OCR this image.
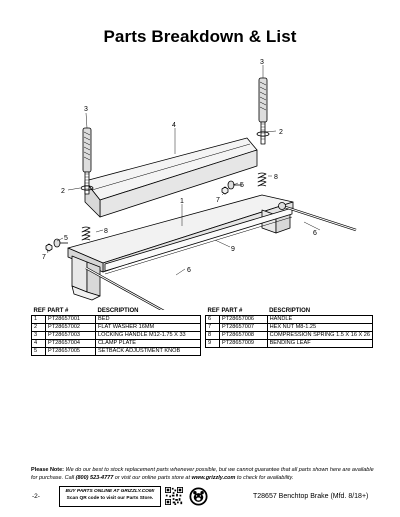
Parts Breakdown & List
3
3
4
2
2
8
8
5
5
7
7
1
9
6
6
REF	PART #	DESCRIPTION
1	PT28657001	BED
2	PT28657002	FLAT WASHER 16MM
3	PT28657003	LOCKING HANDLE M12-1.75 X 33
4	PT28657004	CLAMP PLATE
5	PT28657005	SETBACK ADJUSTMENT KNOB
REF	PART #	DESCRIPTION
6	PT28657006	HANDLE
7	PT28657007	HEX NUT M8-1.25
8	PT28657008	COMPRESSION SPRING 1.5 X 16 X 26
9	PT28657009	BENDING LEAF
Please Note: We do our best to stock replacement parts whenever possible, but we cannot guarantee that all parts shown here are available for purchase. Call (800) 523-4777 or visit our online parts store at www.grizzly.com to check for availability.
-2-
BUY PARTS ONLINE AT GRIZZLY.COM!
Scan QR code to visit our Parts Store.	T28657 Benchtop Brake (Mfd. 8/18+)
